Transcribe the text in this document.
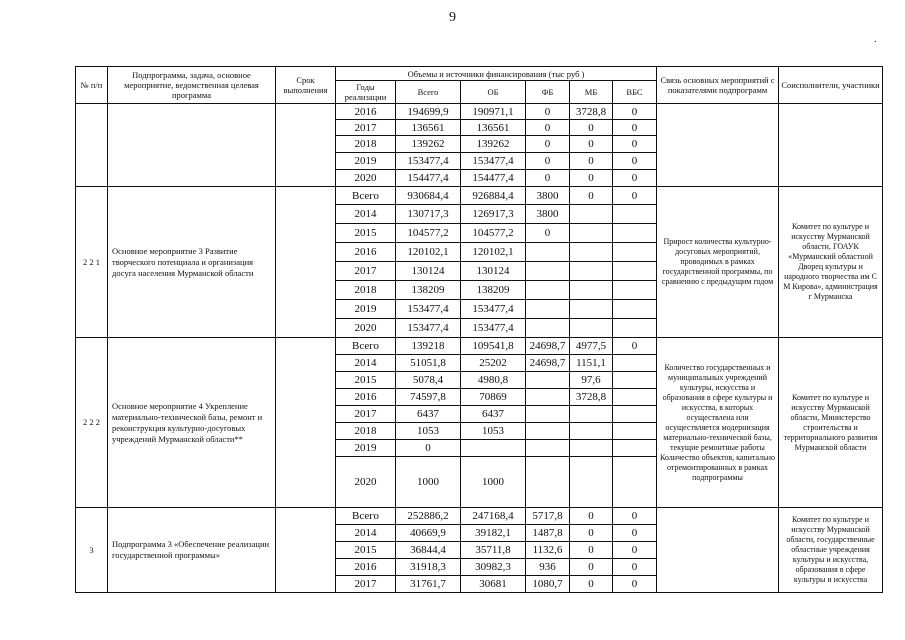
9
.
№ п/п	Подпрограмма, задача, основное мероприятие, ведомственная целевая программа	Срок выполнения	Объемы и источники финансирования (тыс руб )						Связь основных мероприятий с показателями подпрограмм	Соисполнители, участники
			Годы реализации	Всего	ОБ	ФБ	МБ	ВБС		
			2016	194699,9	190971,1	0	3728,8	0		
			2017	136561	136561	0	0	0		
			2018	139262	139262	0	0	0		
			2019	153477,4	153477,4	0	0	0		
			2020	154477,4	154477,4	0	0	0		
2 2 1	Основное мероприятие 3 Развитие творческого потенциала и организация досуга населения Мурманской области		Всего	930684,4	926884,4	3800	0	0	Прирост количества культурно-досуговых мероприятий, проводимых в рамках государственной программы, по сравнению с предыдущим годом	Комитет по культуре и искусству Мурманской области, ГОАУК «Мурманский областной Дворец культуры и народного творчества им С М Кирова», администрация г Мурманска
			2014	130717,3	126917,3	3800				
			2015	104577,2	104577,2	0				
			2016	120102,1	120102,1					
			2017	130124	130124					
			2018	138209	138209					
			2019	153477,4	153477,4					
			2020	153477,4	153477,4					
2 2 2	Основное мероприятие 4 Укрепление материально-технической базы, ремонт и реконструкция культурно-досуговых учреждений Мурманской области**		Всего	139218	109541,8	24698,7	4977,5	0	Количество государственных и муниципальных учреждений культуры, искусства и образования в сфере культуры и искусства, в которых осуществлена или осуществляется модернизация материально-технической базы, текущие ремонтные работы Количество объектов, капитально отремонтированных в рамках подпрограммы	Комитет по культуре и искусству Мурманской области, Министерство строительства и территориального развития Мурманской области
			2014	51051,8	25202	24698,7	1151,1			
			2015	5078,4	4980,8		97,6			
			2016	74597,8	70869		3728,8			
			2017	6437	6437					
			2018	1053	1053					
			2019	0						
			2020	1000	1000					
3	Подпрограмма 3 «Обеспечение реализации государственной программы»		Всего	252886,2	247168,4	5717,8	0	0		Комитет по культуре и искусству Мурманской области, государственные областные учреждения культуры и искусства, образования в сфере культуры и искусства
			2014	40669,9	39182,1	1487,8	0	0		
			2015	36844,4	35711,8	1132,6	0	0		
			2016	31918,3	30982,3	936	0	0		
			2017	31761,7	30681	1080,7	0	0		
